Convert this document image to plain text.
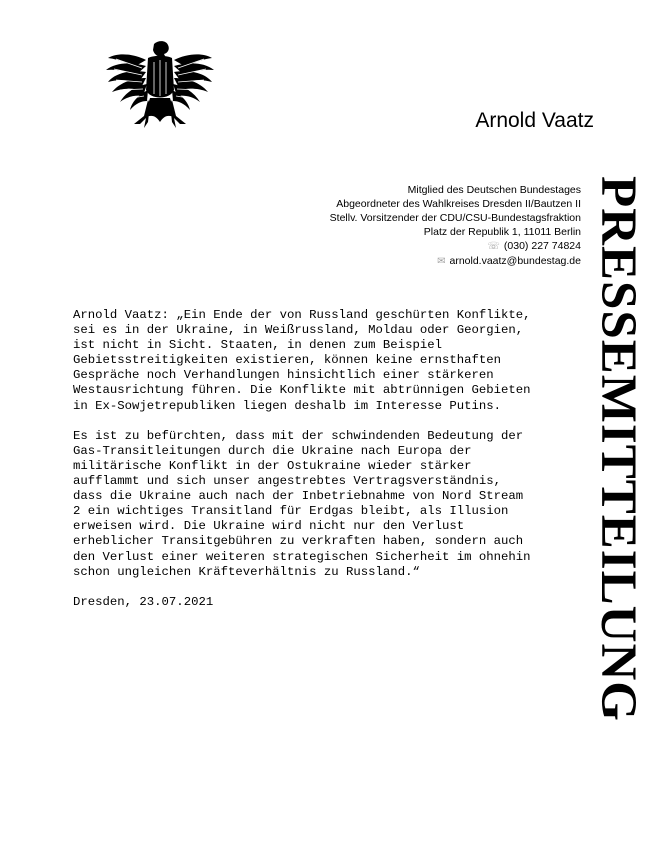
Arnold Vaatz
Mitglied des Deutschen Bundestages
Abgeordneter des Wahlkreises Dresden II/Bautzen II
Stellv. Vorsitzender der CDU/CSU-Bundestagsfraktion
Platz der Republik 1, 11011 Berlin
☏ (030) 227 74824
✉ arnold.vaatz@bundestag.de

Arnold Vaatz: „Ein Ende der von Russland geschürten Konflikte,
sei es in der Ukraine, in Weißrussland, Moldau oder Georgien,
ist nicht in Sicht. Staaten, in denen zum Beispiel
Gebietsstreitigkeiten existieren, können keine ernsthaften
Gespräche noch Verhandlungen hinsichtlich einer stärkeren
Westausrichtung führen. Die Konflikte mit abtrünnigen Gebieten
in Ex-Sowjetrepubliken liegen deshalb im Interesse Putins.

Es ist zu befürchten, dass mit der schwindenden Bedeutung der
Gas-Transitleitungen durch die Ukraine nach Europa der
militärische Konflikt in der Ostukraine wieder stärker
aufflammt und sich unser angestrebtes Vertragsverständnis,
dass die Ukraine auch nach der Inbetriebnahme von Nord Stream
2 ein wichtiges Transitland für Erdgas bleibt, als Illusion
erweisen wird. Die Ukraine wird nicht nur den Verlust
erheblicher Transitgebühren zu verkraften haben, sondern auch
den Verlust einer weiteren strategischen Sicherheit im ohnehin
schon ungleichen Kräfteverhältnis zu Russland.“

Dresden, 23.07.2021	PRESSEMITTEILUNG
